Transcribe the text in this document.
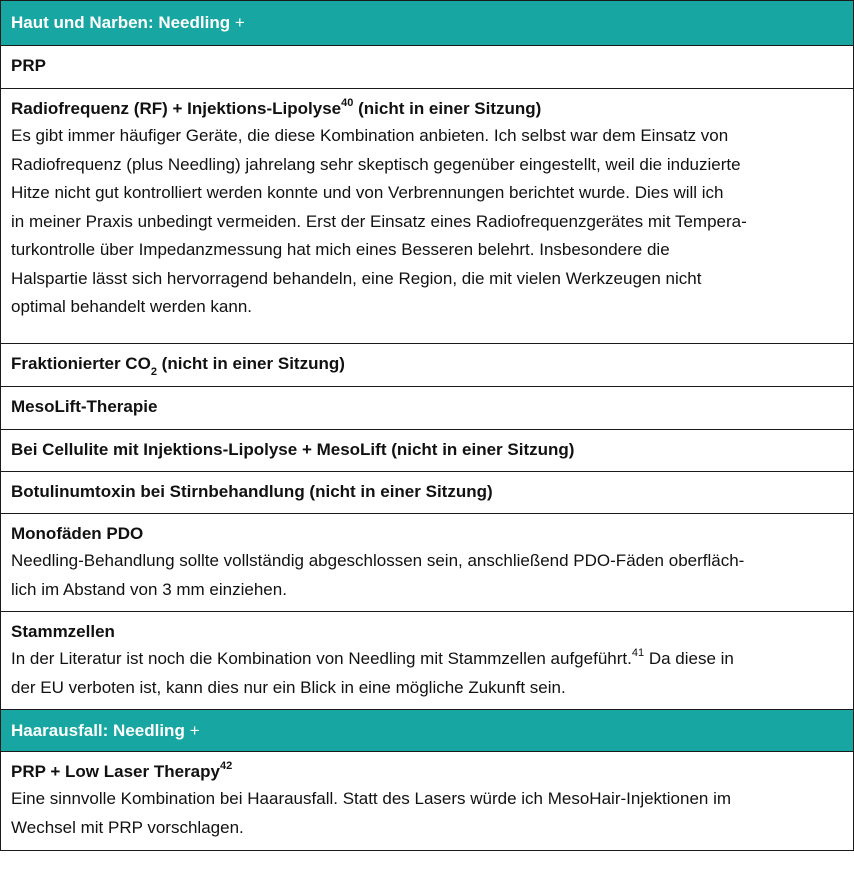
Haut und Narben: Needling
+
PRP
Radiofrequenz (RF) + Injektions-Lipolyse$^{40}$ (nicht in einer Sitzung)
Es gibt immer häufiger Geräte, die diese Kombination anbieten. Ich selbst war dem Einsatz von
Radiofrequenz (plus Needling) jahrelang sehr skeptisch gegenüber eingestellt, weil die induzierte
Hitze nicht gut kontrolliert werden konnte und von Verbrennungen berichtet wurde. Dies will ich
in meiner Praxis unbedingt vermeiden. Erst der Einsatz eines Radiofrequenzgerätes mit Tempera-
turkontrolle über Impedanzmessung hat mich eines Besseren belehrt. Insbesondere die
Halspartie lässt sich hervorragend behandeln, eine Region, die mit vielen Werkzeugen nicht
optimal behandelt werden kann.
Fraktionierter $CO_2$ (nicht in einer Sitzung)
MesoLift-Therapie
Bei Cellulite mit Injektions-Lipolyse + MesoLift (nicht in einer Sitzung)
Botulinumtoxin bei Stirnbehandlung (nicht in einer Sitzung)
Monofäden PDO
Needling-Behandlung sollte vollständig abgeschlossen sein, anschließend PDO-Fäden oberfläch-
lich im Abstand von 3 mm einziehen.
Stammzellen
In der Literatur ist noch die Kombination von Needling mit Stammzellen aufgeführt.$^{41}$ Da diese in
der EU verboten ist, kann dies nur ein Blick in eine mögliche Zukunft sein.
Haarausfall: Needling
+
PRP + Low Laser Therapy$^{42}$
Eine sinnvolle Kombination bei Haarausfall. Statt des Lasers würde ich MesoHair-Injektionen im
Wechsel mit PRP vorschlagen.
